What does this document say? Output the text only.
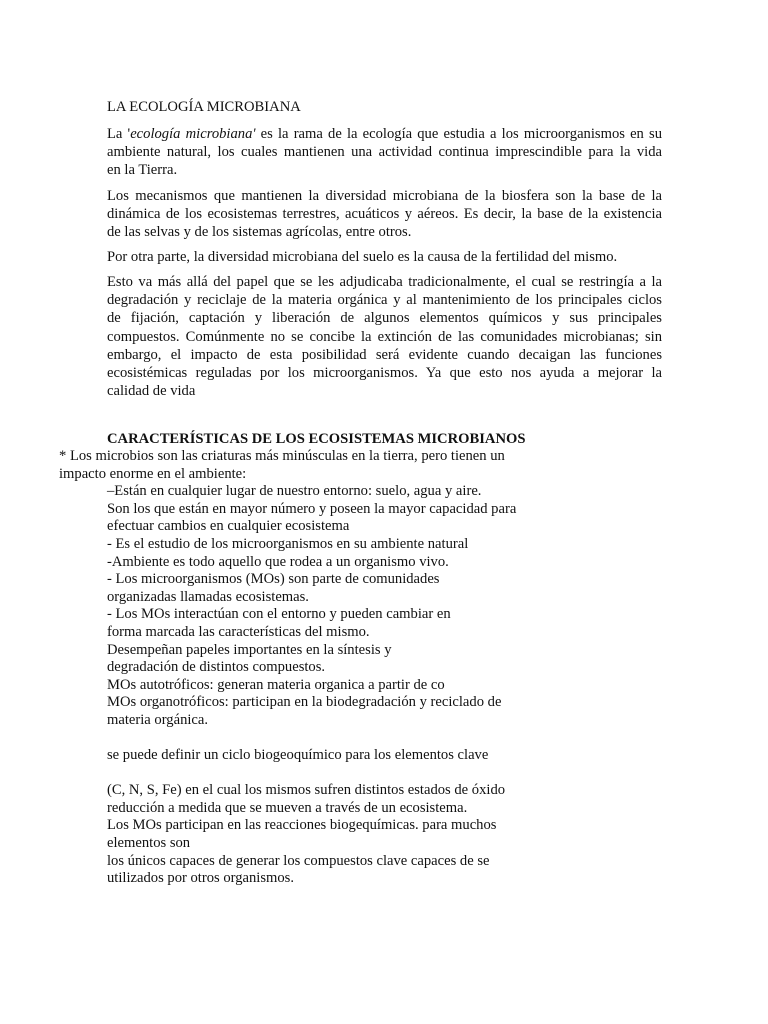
LA ECOLOGÍA MICROBIANA

La 'ecología microbiana' es la rama de la ecología que estudia a los microorganismos en su
ambiente natural, los cuales mantienen una actividad continua imprescindible para la vida
en la Tierra.

Los mecanismos que mantienen la diversidad microbiana de la biosfera son la base de la
dinámica de los ecosistemas terrestres, acuáticos y aéreos. Es decir, la base de la existencia
de las selvas y de los sistemas agrícolas, entre otros.

Por otra parte, la diversidad microbiana del suelo es la causa de la fertilidad del mismo.

Esto va más allá del papel que se les adjudicaba tradicionalmente, el cual se restringía a la
degradación y reciclaje de la materia orgánica y al mantenimiento de los principales ciclos
de fijación, captación y liberación de algunos elementos químicos y sus principales
compuestos. Comúnmente no se concibe la extinción de las comunidades microbianas; sin
embargo, el impacto de esta posibilidad será evidente cuando decaigan las funciones
ecosistémicas reguladas por los microorganismos. Ya que esto nos ayuda a mejorar la
calidad de vida

CARACTERÍSTICAS DE LOS ECOSISTEMAS MICROBIANOS
* Los microbios son las criaturas más minúsculas en la tierra, pero tienen un
impacto enorme en el ambiente:
–Están en cualquier lugar de nuestro entorno: suelo, agua y aire.
Son los que están en mayor número y poseen la mayor capacidad para
efectuar cambios en cualquier ecosistema
- Es el estudio de los microorganismos en su ambiente natural
-Ambiente es todo aquello que rodea a un organismo vivo.
- Los microorganismos (MOs) son parte de comunidades
organizadas llamadas ecosistemas.
- Los MOs interactúan con el entorno y pueden cambiar en
forma marcada las características del mismo.
Desempeñan papeles importantes en la síntesis y
degradación de distintos compuestos.
MOs autotróficos: generan materia organica a partir de co
MOs organotróficos: participan en la biodegradación y reciclado de
materia orgánica.
se puede definir un ciclo biogeoquímico para los elementos clave
(C, N, S, Fe) en el cual los mismos sufren distintos estados de óxido
reducción a medida que se mueven a través de un ecosistema.
Los MOs participan en las reacciones biogequímicas. para muchos
elementos son
los únicos capaces de generar los compuestos clave capaces de se
utilizados por otros organismos.
